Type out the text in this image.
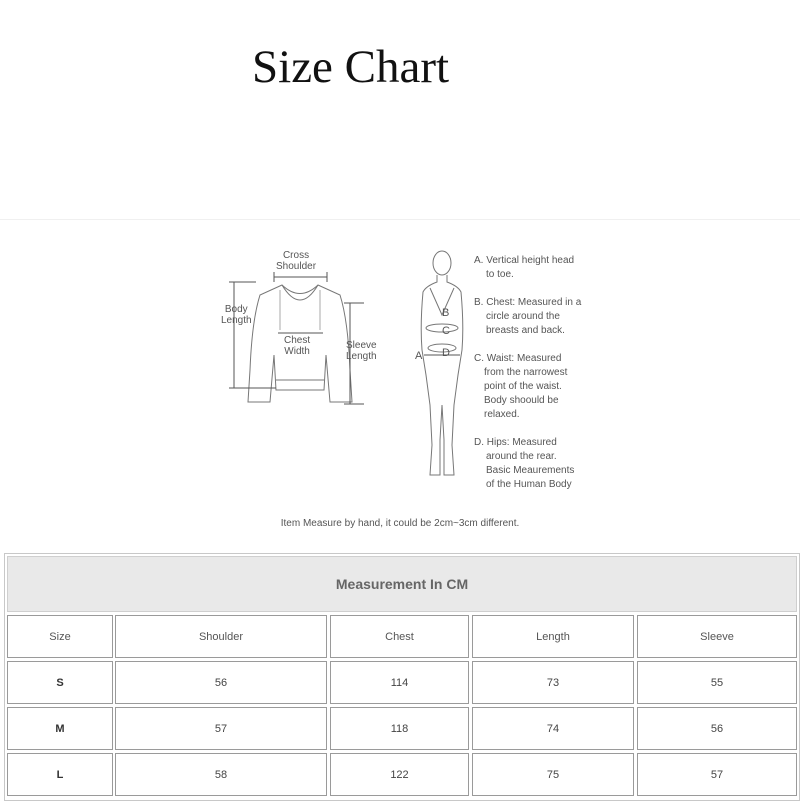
Size Chart
Cross
Shoulder
Body
Length
Chest
Width
Sleeve
Length
B
C
A D
A. Vertical height head
to toe.
B. Chest: Measured in a
circle around the
breasts and back.
C. Waist: Measured
from the narrowest
point of the waist.
Body shoould be
relaxed.
D. Hips: Measured
around the rear.
Basic Meaurements
of the Human Body
Item Measure by hand, it could be 2cm~3cm different.
Measurement In CM
Size	Shoulder	Chest	Length	Sleeve
S	56	114	73	55
M	57	118	74	56
L	58	122	75	57
